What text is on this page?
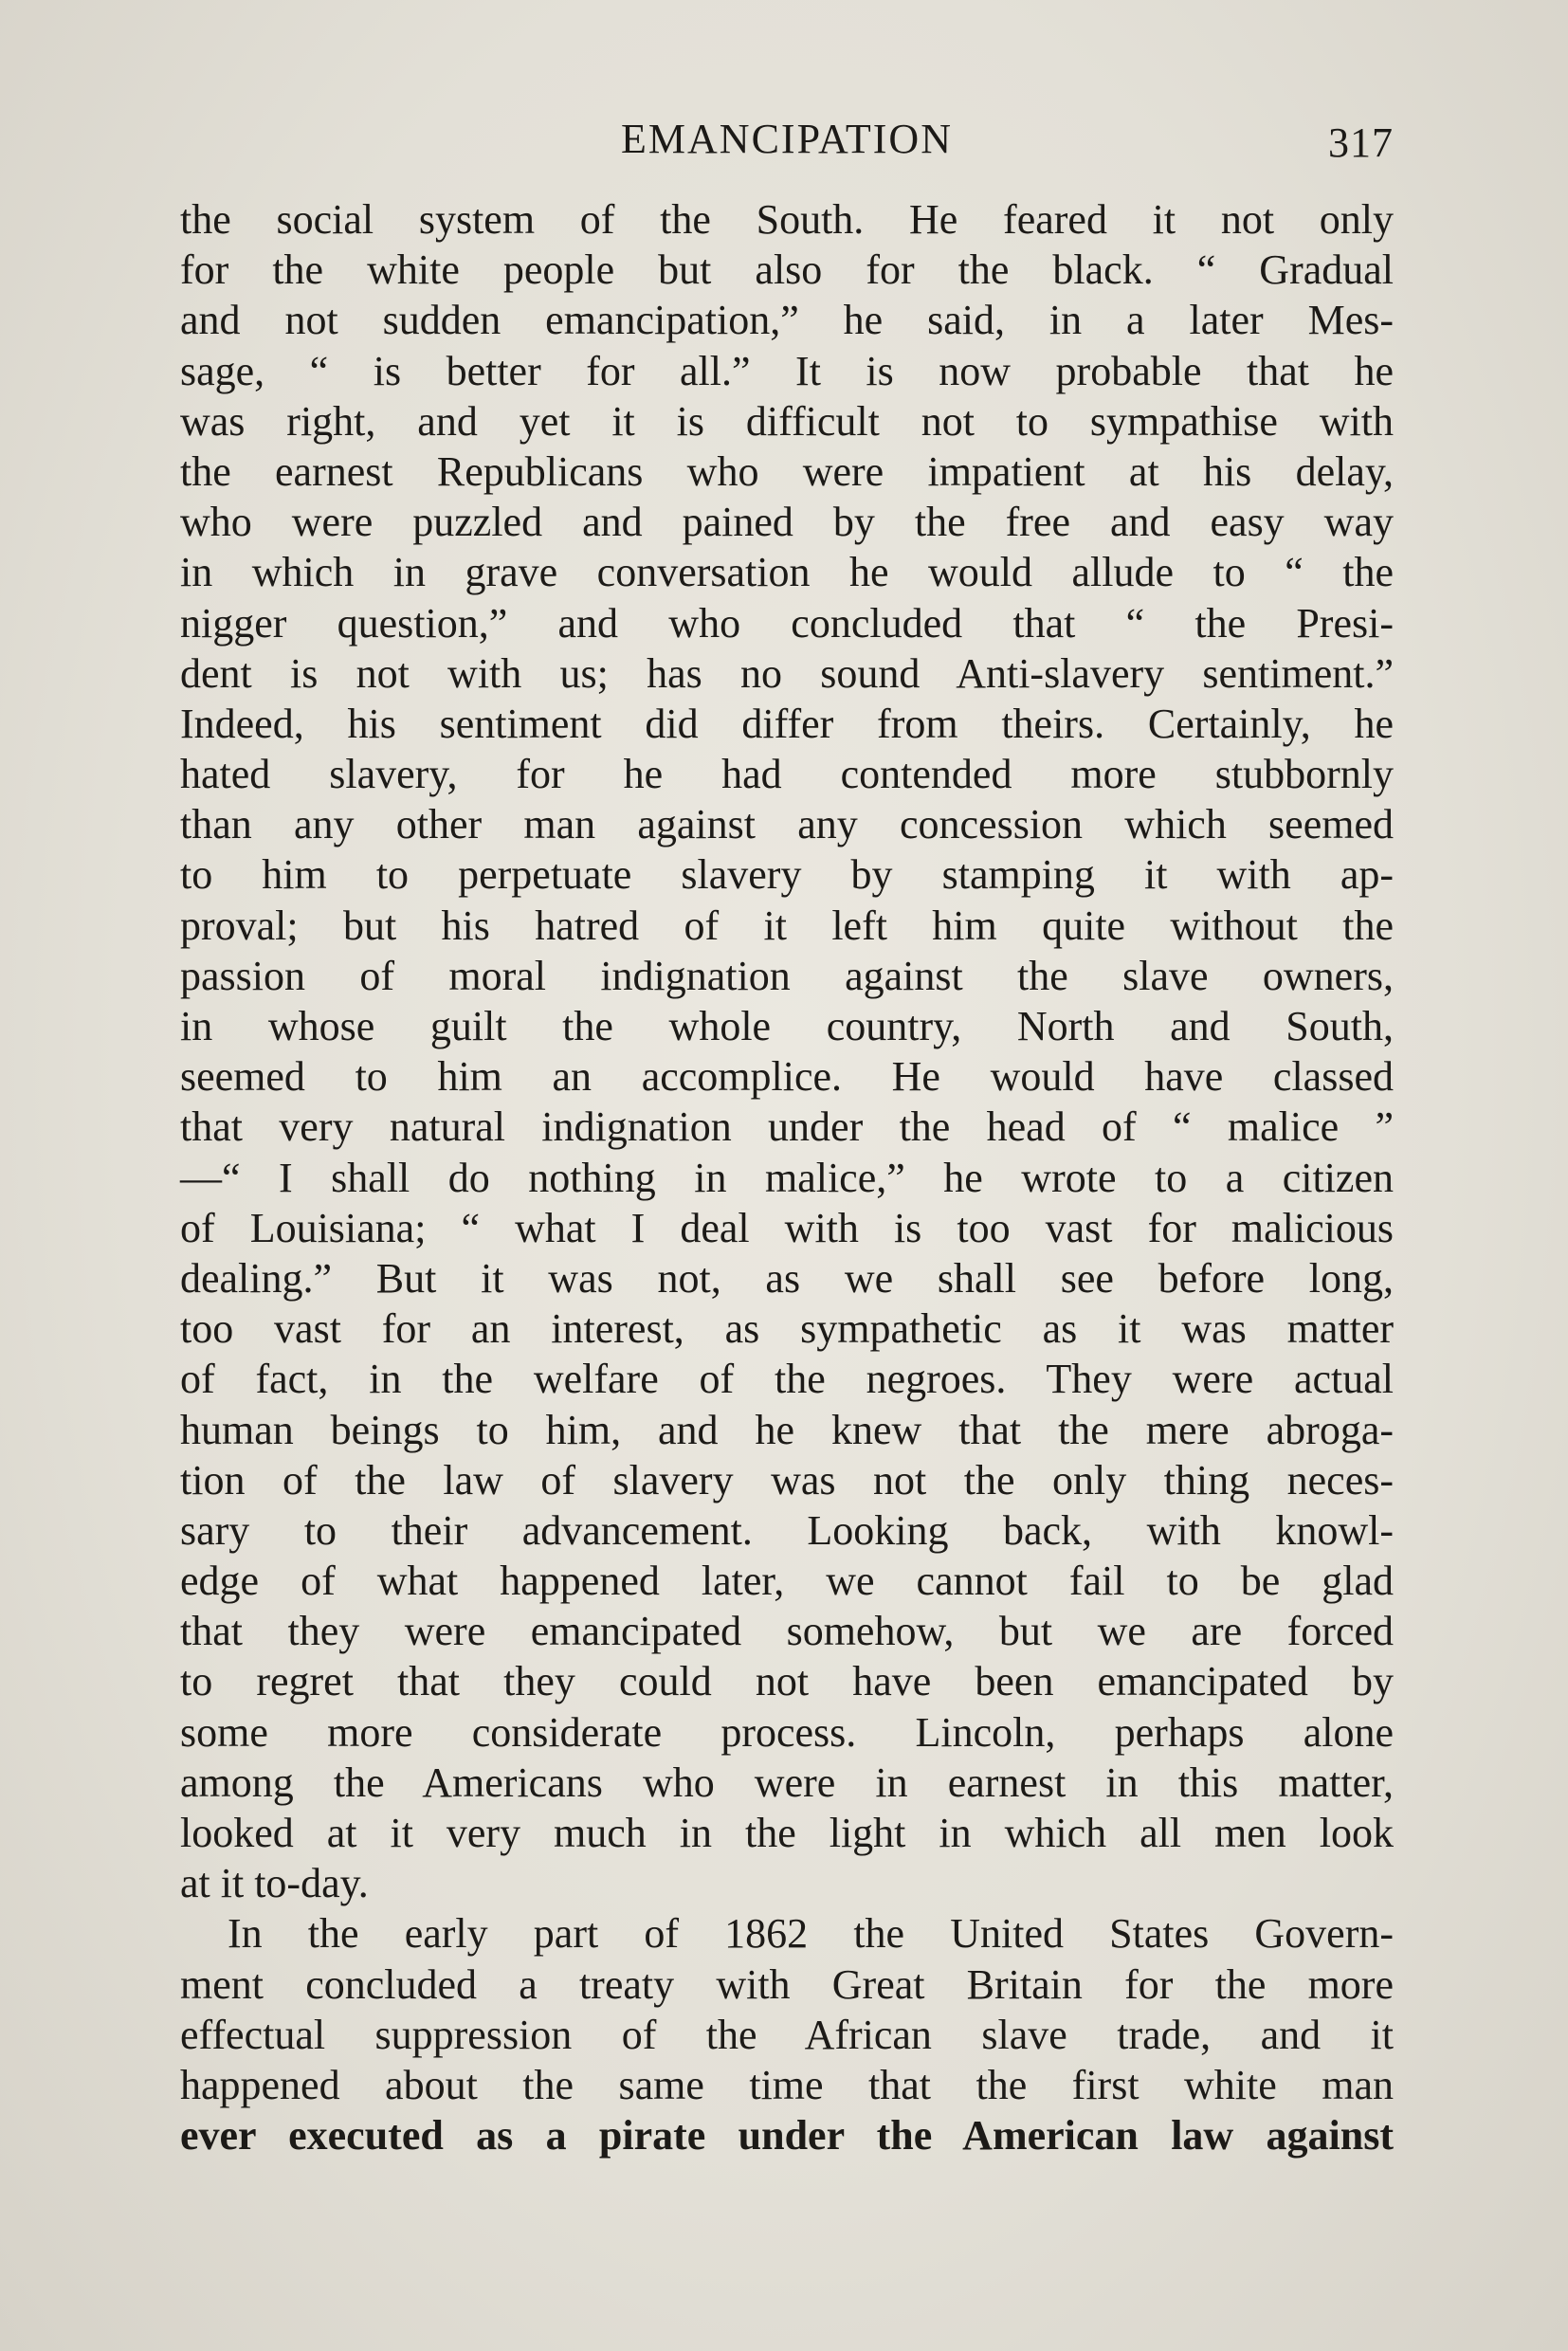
EMANCIPATION	317
the social system of the South. He feared it not only
for the white people but also for the black. “ Gradual
and not sudden emancipation,” he said, in a later Mes-
sage, “ is better for all.” It is now probable that he
was right, and yet it is difficult not to sympathise with
the earnest Republicans who were impatient at his delay,
who were puzzled and pained by the free and easy way
in which in grave conversation he would allude to “ the
nigger question,” and who concluded that “ the Presi-
dent is not with us; has no sound Anti-slavery sentiment.”
Indeed, his sentiment did differ from theirs. Certainly, he
hated slavery, for he had contended more stubbornly
than any other man against any concession which seemed
to him to perpetuate slavery by stamping it with ap-
proval; but his hatred of it left him quite without the
passion of moral indignation against the slave owners,
in whose guilt the whole country, North and South,
seemed to him an accomplice. He would have classed
that very natural indignation under the head of “ malice ”
—“ I shall do nothing in malice,” he wrote to a citizen
of Louisiana; “ what I deal with is too vast for malicious
dealing.” But it was not, as we shall see before long,
too vast for an interest, as sympathetic as it was matter
of fact, in the welfare of the negroes. They were actual
human beings to him, and he knew that the mere abroga-
tion of the law of slavery was not the only thing neces-
sary to their advancement. Looking back, with knowl-
edge of what happened later, we cannot fail to be glad
that they were emancipated somehow, but we are forced
to regret that they could not have been emancipated by
some more considerate process. Lincoln, perhaps alone
among the Americans who were in earnest in this matter,
looked at it very much in the light in which all men look
at it to-day.
In the early part of 1862 the United States Govern-
ment concluded a treaty with Great Britain for the more
effectual suppression of the African slave trade, and it
happened about the same time that the first white man
ever executed as a pirate under the American law against
